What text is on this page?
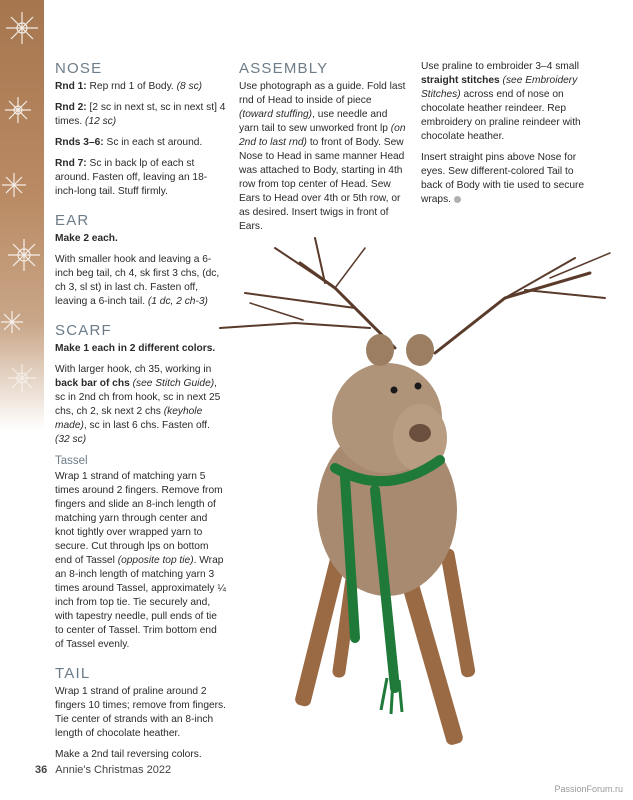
NOSE

Rnd 1: Rep rnd 1 of Body. (8 sc)

Rnd 2: [2 sc in next st, sc in next st] 4 times. (12 sc)

Rnds 3–6: Sc in each st around.

Rnd 7: Sc in back lp of each st around. Fasten off, leaving an 18-inch-long tail. Stuff firmly.

EAR

Make 2 each.

With smaller hook and leaving a 6-inch beg tail, ch 4, sk first 3 chs, (dc, ch 3, sl st) in last ch. Fasten off, leaving a 6-inch tail. (1 dc, 2 ch-3)

SCARF

Make 1 each in 2 different colors.

With larger hook, ch 35, working in back bar of chs (see Stitch Guide), sc in 2nd ch from hook, sc in next 25 chs, ch 2, sk next 2 chs (keyhole made), sc in last 6 chs. Fasten off. (32 sc)

Tassel

Wrap 1 strand of matching yarn 5 times around 2 fingers. Remove from fingers and slide an 8-inch length of matching yarn through center and knot tightly over wrapped yarn to secure. Cut through lps on bottom end of Tassel (opposite top tie). Wrap an 8-inch length of matching yarn 3 times around Tassel, approximately ¼ inch from top tie. Tie securely and, with tapestry needle, pull ends of tie to center of Tassel. Trim bottom end of Tassel evenly.

TAIL

Wrap 1 strand of praline around 2 fingers 10 times; remove from fingers. Tie center of strands with an 8-inch length of chocolate heather.

Make a 2nd tail reversing colors.

ASSEMBLY

Use photograph as a guide. Fold last rnd of Head to inside of piece (toward stuffing), use needle and yarn tail to sew unworked front lp (on 2nd to last rnd) to front of Body. Sew Nose to Head in same manner Head was attached to Body, starting in 4th row from top center of Head. Sew Ears to Head over 4th or 5th row, or as desired. Insert twigs in front of Ears.

Use praline to embroider 3–4 small straight stitches (see Embroidery Stitches) across end of nose on chocolate heather reindeer. Rep embroidery on praline reindeer with chocolate heather.

Insert straight pins above Nose for eyes. Sew different-colored Tail to back of Body with tie used to secure wraps.

36 Annie's Christmas 2022
PassionForum.ru
